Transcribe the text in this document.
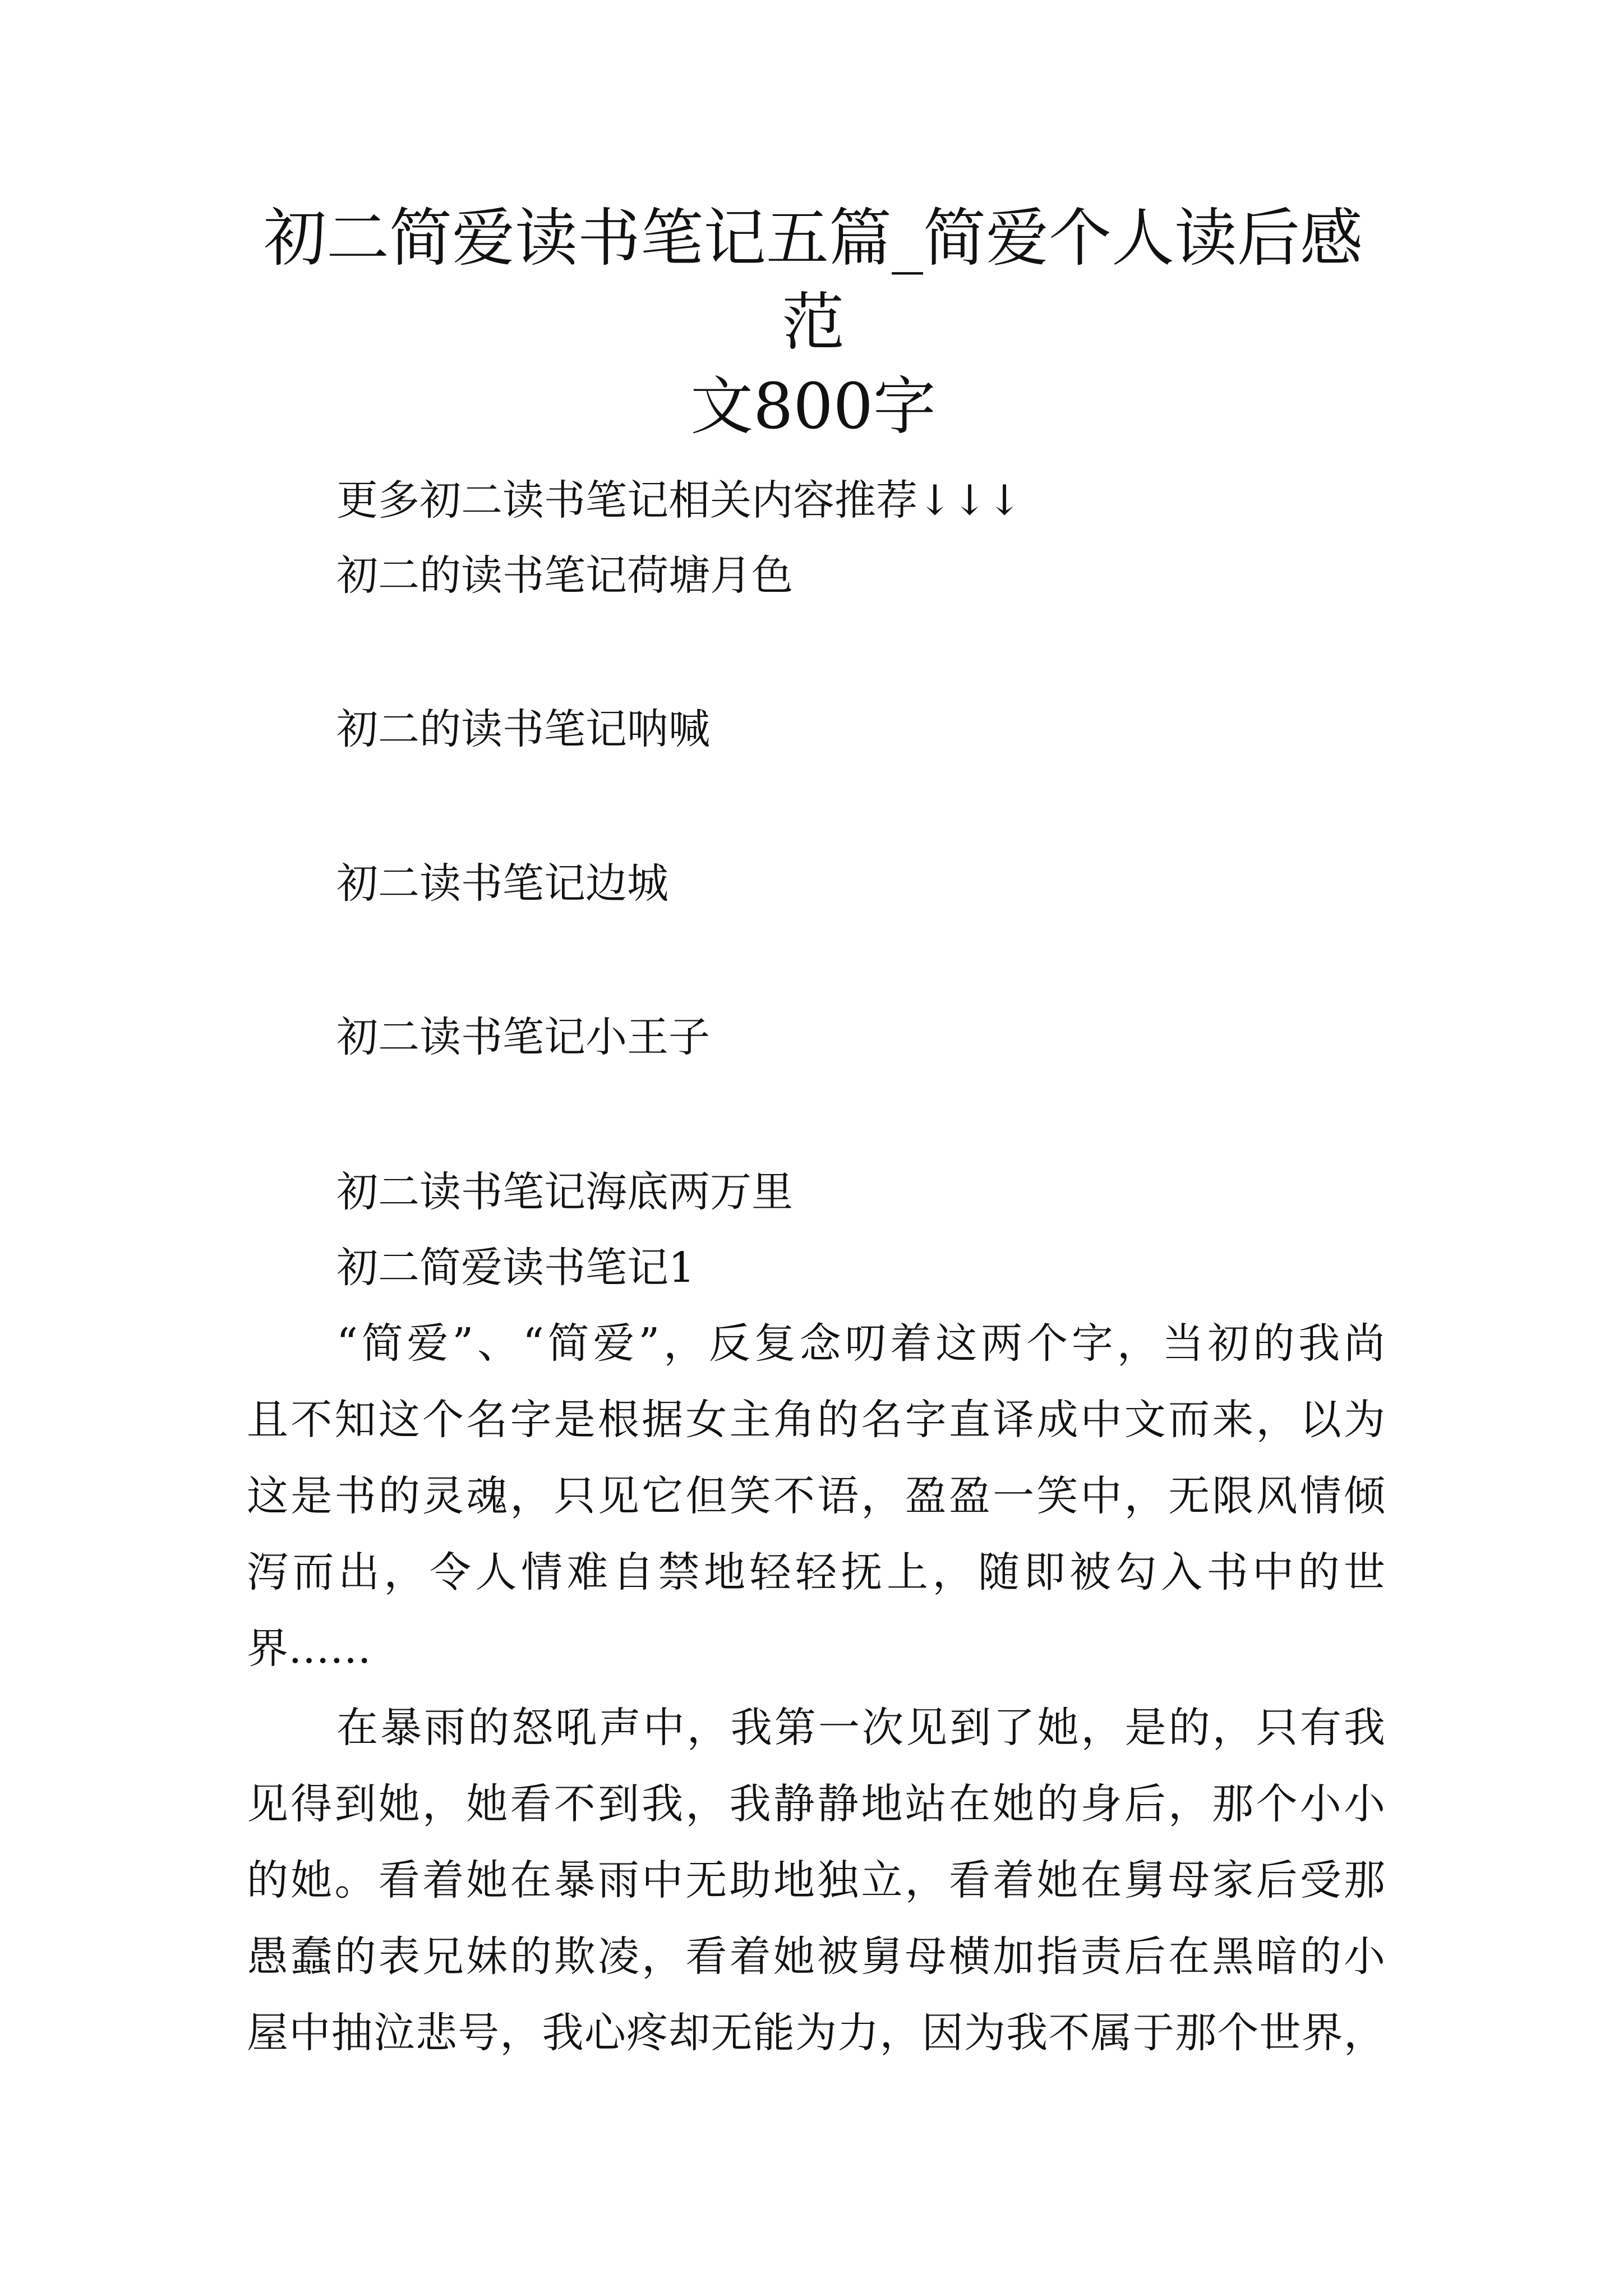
初二简爱读书笔记五篇_简爱个人读后感范
文800字

更多初二读书笔记相关内容推荐↓↓↓

初二的读书笔记荷塘月色

初二的读书笔记呐喊

初二读书笔记边城

初二读书笔记小王子

初二读书笔记海底两万里

初二简爱读书笔记1

“简爱”、“简爱”，反复念叨着这两个字，当初的我尚

且不知这个名字是根据女主角的名字直译成中文而来，以为

这是书的灵魂，只见它但笑不语，盈盈一笑中，无限风情倾

泻而出，令人情难自禁地轻轻抚上，随即被勾入书中的世

界……

在暴雨的怒吼声中，我第一次见到了她，是的，只有我

见得到她，她看不到我，我静静地站在她的身后，那个小小

的她。看着她在暴雨中无助地独立，看着她在舅母家后受那

愚蠢的表兄妹的欺凌，看着她被舅母横加指责后在黑暗的小

屋中抽泣悲号，我心疼却无能为力，因为我不属于那个世界，
